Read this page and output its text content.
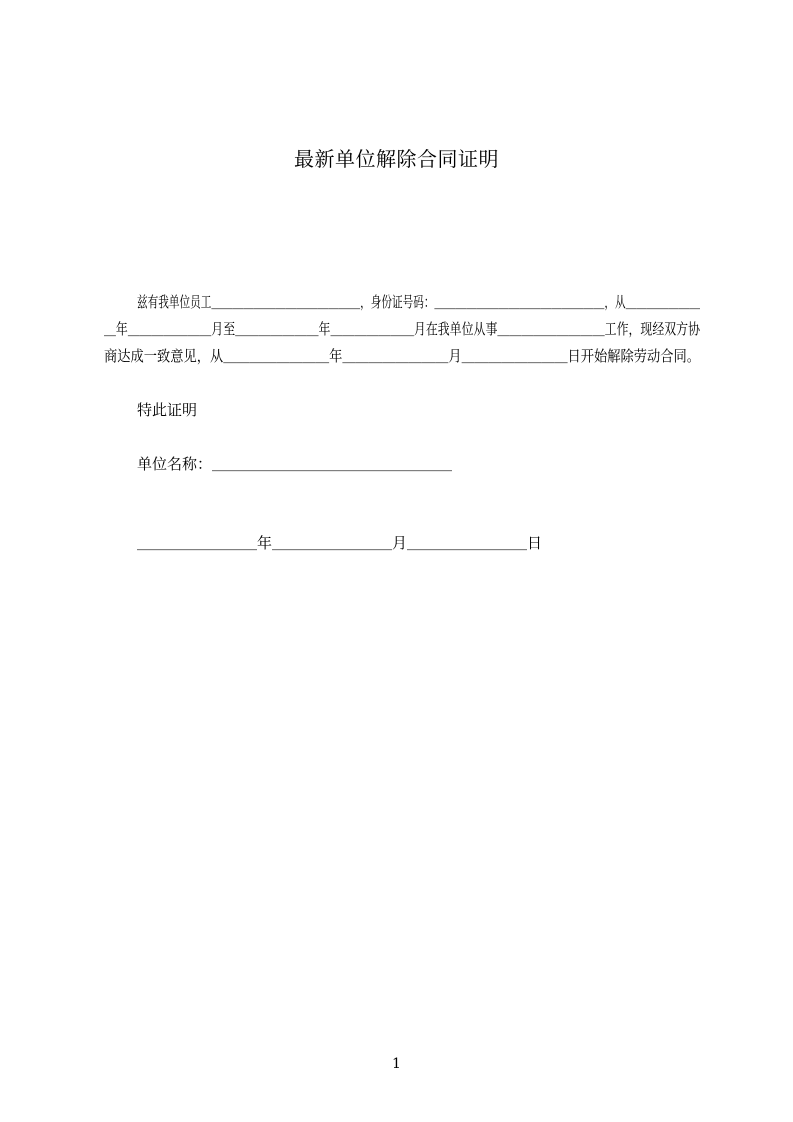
最新单位解除合同证明
兹有我单位员工＿＿＿＿＿＿＿＿＿＿＿＿＿＿，身份证号码：＿＿＿＿＿＿＿＿＿＿＿＿＿＿＿＿，从＿＿＿＿＿＿＿
＿年＿＿＿＿＿＿＿月至＿＿＿＿＿＿＿年＿＿＿＿＿＿＿月在我单位从事＿＿＿＿＿＿＿＿＿工作，现经双方协
商达成一致意见，从＿＿＿＿＿＿＿＿年＿＿＿＿＿＿＿＿月＿＿＿＿＿＿＿＿日开始解除劳动合同。
特此证明
单位名称：＿＿＿＿＿＿＿＿＿＿＿＿＿＿＿＿
＿＿＿＿＿＿＿＿年＿＿＿＿＿＿＿＿月＿＿＿＿＿＿＿＿日
1
